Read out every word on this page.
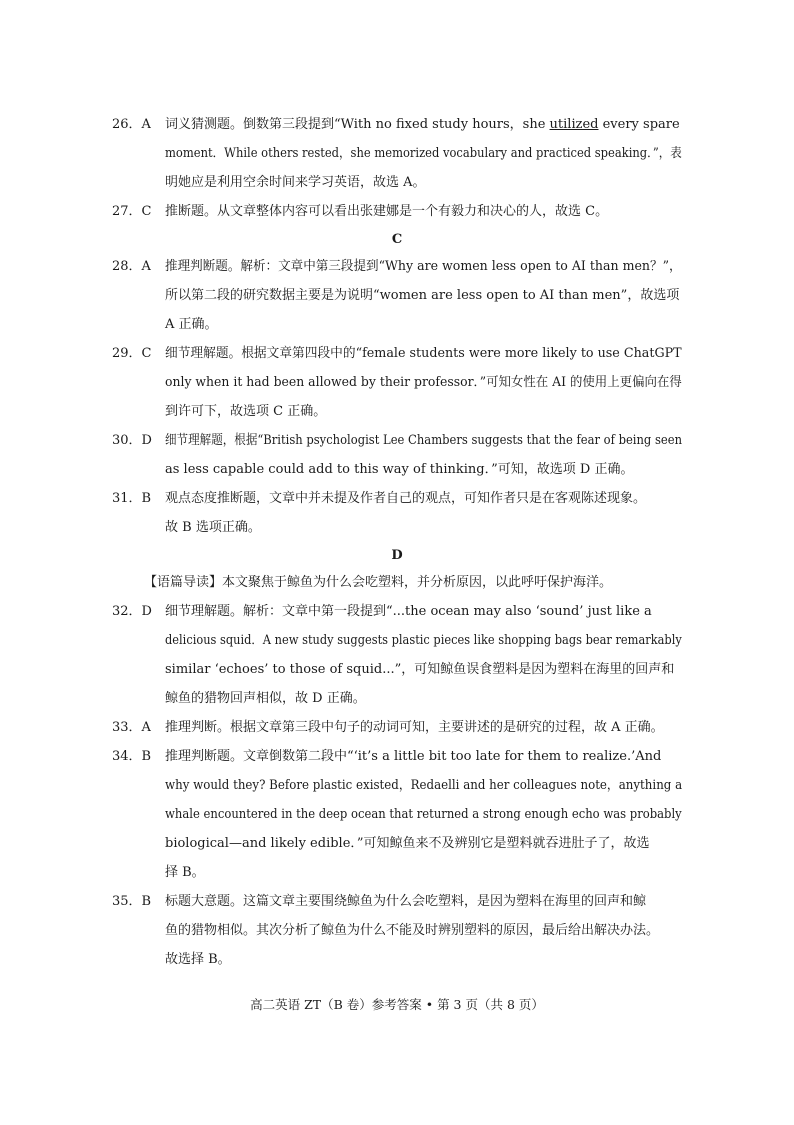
26．A 词义猜测题。倒数第三段提到“With no fixed study hours，she utilized every spare
moment．While others rested，she memorized vocabulary and practiced speaking．”，表
明她应是利用空余时间来学习英语，故选 A。
27．C 推断题。从文章整体内容可以看出张建娜是一个有毅力和决心的人，故选 C。
C
28．A 推理判断题。解析：文章中第三段提到“Why are women less open to AI than men？”，
所以第二段的研究数据主要是为说明“women are less open to AI than men”，故选项
A 正确。
29．C 细节理解题。根据文章第四段中的“female students were more likely to use ChatGPT
only when it had been allowed by their professor．”可知女性在 AI 的使用上更偏向在得
到许可下，故选项 C 正确。
30．D 细节理解题，根据“British psychologist Lee Chambers suggests that the fear of being seen
as less capable could add to this way of thinking．”可知，故选项 D 正确。
31．B 观点态度推断题，文章中并未提及作者自己的观点，可知作者只是在客观陈述现象。
故 B 选项正确。
D
【语篇导读】本文聚焦于鲸鱼为什么会吃塑料，并分析原因，以此呼吁保护海洋。
32．D 细节理解题。解析：文章中第一段提到“...the ocean may also ‘sound’ just like a
delicious squid．A new study suggests plastic pieces like shopping bags bear remarkably
similar ‘echoes’ to those of squid...”，可知鲸鱼误食塑料是因为塑料在海里的回声和
鲸鱼的猎物回声相似，故 D 正确。
33．A 推理判断。根据文章第三段中句子的动词可知，主要讲述的是研究的过程，故 A 正确。
34．B 推理判断题。文章倒数第二段中“‘it’s a little bit too late for them to realize.’And
why would they? Before plastic existed，Redaelli and her colleagues note，anything a
whale encountered in the deep ocean that returned a strong enough echo was probably
biological—and likely edible．”可知鲸鱼来不及辨别它是塑料就吞进肚子了，故选
择 B。
35．B 标题大意题。这篇文章主要围绕鲸鱼为什么会吃塑料，是因为塑料在海里的回声和鲸
鱼的猎物相似。其次分析了鲸鱼为什么不能及时辨别塑料的原因，最后给出解决办法。
故选择 B。
高二英语 ZT（B 卷）参考答案 • 第 3 页（共 8 页）
